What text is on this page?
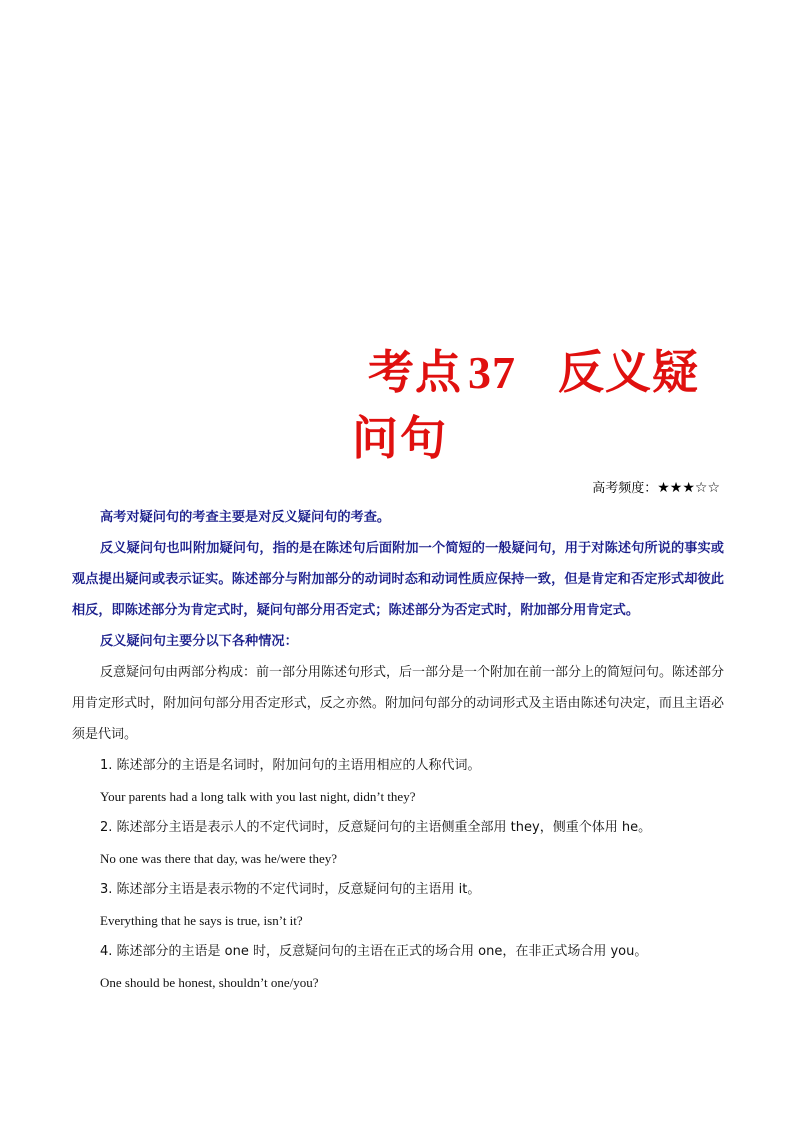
考点 37 反义疑
问句
高考频度：★★★☆☆

高考对疑问句的考查主要是对反义疑问句的考查。

反义疑问句也叫附加疑问句，指的是在陈述句后面附加一个简短的一般疑问句，用于对陈述句所说的事实或观点提出疑问或表示证实。陈述部分与附加部分的动词时态和动词性质应保持一致，但是肯定和否定形式却彼此相反，即陈述部分为肯定式时，疑问句部分用否定式；陈述部分为否定式时，附加部分用肯定式。

反义疑问句主要分以下各种情况：

反意疑问句由两部分构成：前一部分用陈述句形式，后一部分是一个附加在前一部分上的简短问句。陈述部分用肯定形式时，附加问句部分用否定形式，反之亦然。附加问句部分的动词形式及主语由陈述句决定，而且主语必须是代词。

1. 陈述部分的主语是名词时，附加问句的主语用相应的人称代词。

Your parents had a long talk with you last night, didn’t they?

2. 陈述部分主语是表示人的不定代词时，反意疑问句的主语侧重全部用 they，侧重个体用 he。

No one was there that day, was he/were they?

3. 陈述部分主语是表示物的不定代词时，反意疑问句的主语用 it。

Everything that he says is true, isn’t it?

4. 陈述部分的主语是 one 时，反意疑问句的主语在正式的场合用 one，在非正式场合用 you。

One should be honest, shouldn’t one/you?
